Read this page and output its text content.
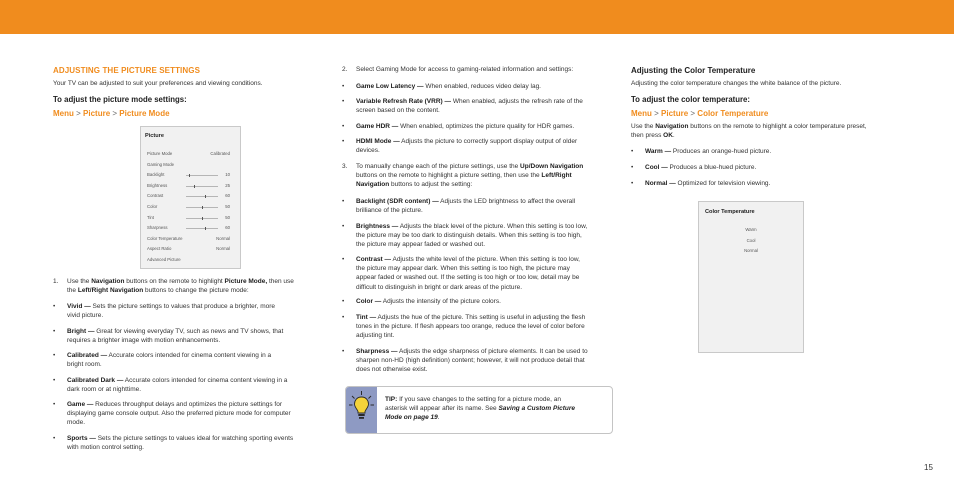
ADJUSTING THE PICTURE SETTINGS
Your TV can be adjusted to suit your preferences and viewing conditions.
To adjust the picture mode settings:
Menu > Picture > Picture Mode
Picture
Picture Mode	Calibrated
Gaming Mode
Backlight	10
Brightness	25
Contrast	60
Color	50
Tint	50
Sharpness	60
Color Temperature	Normal
Aspect Ratio	Normal
Advanced Picture
1. Use the Navigation buttons on the remote to highlight Picture Mode, then use
the Left/Right Navigation buttons to change the picture mode:
• Vivid — Sets the picture settings to values that produce a brighter, more
vivid picture.
• Bright — Great for viewing everyday TV, such as news and TV shows, that
requires a brighter image with motion enhancements.
• Calibrated — Accurate colors intended for cinema content viewing in a
bright room.
• Calibrated Dark — Accurate colors intended for cinema content viewing in a
dark room or at nighttime.
• Game — Reduces throughput delays and optimizes the picture settings for
displaying game console output. Also the preferred picture mode for computer
mode.
• Sports — Sets the picture settings to values ideal for watching sporting events
with motion control setting.
2. Select Gaming Mode for access to gaming-related information and settings:
• Game Low Latency — When enabled, reduces video delay lag.
• Variable Refresh Rate (VRR) — When enabled, adjusts the refresh rate of the
screen based on the content.
• Game HDR — When enabled, optimizes the picture quality for HDR games.
• HDMI Mode — Adjusts the picture to correctly support display output of older
devices.
3. To manually change each of the picture settings, use the Up/Down Navigation
buttons on the remote to highlight a picture setting, then use the Left/Right
Navigation buttons to adjust the setting:
• Backlight (SDR content) — Adjusts the LED brightness to affect the overall
brilliance of the picture.
• Brightness — Adjusts the black level of the picture. When this setting is too low,
the picture may be too dark to distinguish details. When this setting is too high,
the picture may appear faded or washed out.
• Contrast — Adjusts the white level of the picture. When this setting is too low,
the picture may appear dark. When this setting is too high, the picture may
appear faded or washed out. If the setting is too high or too low, detail may be
difficult to distinguish in bright or dark areas of the picture.
• Color — Adjusts the intensity of the picture colors.
• Tint — Adjusts the hue of the picture. This setting is useful in adjusting the flesh
tones in the picture. If flesh appears too orange, reduce the level of color before
adjusting tint.
• Sharpness — Adjusts the edge sharpness of picture elements. It can be used to
sharpen non-HD (high definition) content; however, it will not produce detail that
does not otherwise exist.
TIP: If you save changes to the setting for a picture mode, an
asterisk will appear after its name. See Saving a Custom Picture
Mode on page 19.
Adjusting the Color Temperature
Adjusting the color temperature changes the white balance of the picture.
To adjust the color temperature:
Menu > Picture > Color Temperature
Use the Navigation buttons on the remote to highlight a color temperature preset,
then press OK.
• Warm — Produces an orange-hued picture.
• Cool — Produces a blue-hued picture.
• Normal — Optimized for television viewing.
Color Temperature
Warm
Cool
Normal
15
